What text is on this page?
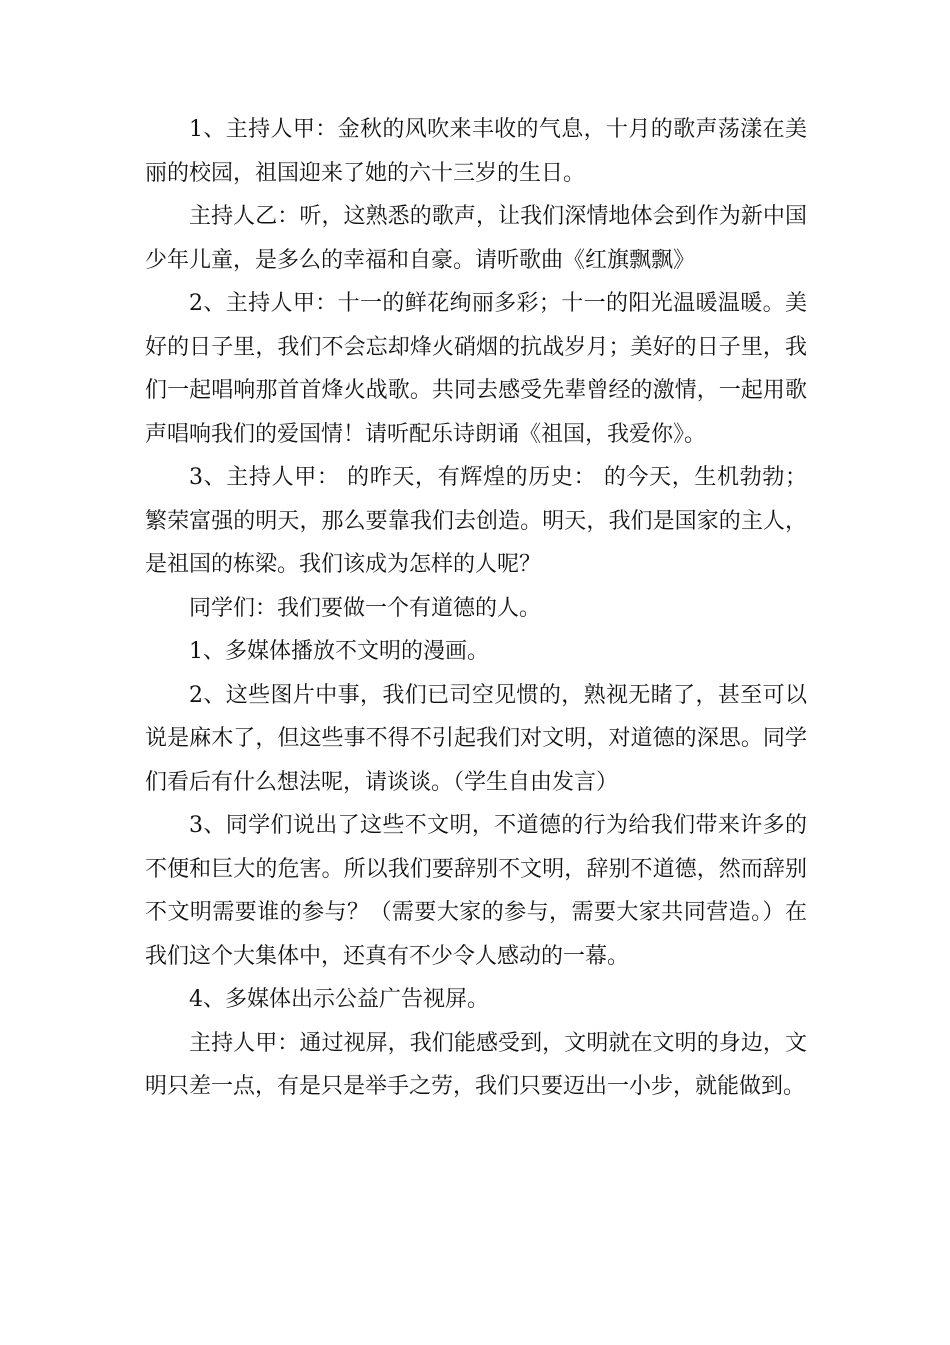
1、主持人甲：金秋的风吹来丰收的气息，十月的歌声荡漾在美丽的校园，祖国迎来了她的六十三岁的生日。

主持人乙：听，这熟悉的歌声，让我们深情地体会到作为新中国少年儿童，是多么的幸福和自豪。请听歌曲《红旗飘飘》

2、主持人甲：十一的鲜花绚丽多彩；十一的阳光温暖温暖。美好的日子里，我们不会忘却烽火硝烟的抗战岁月；美好的日子里，我们一起唱响那首首烽火战歌。共同去感受先辈曾经的激情，一起用歌声唱响我们的爱国情！请听配乐诗朗诵《祖国，我爱你》。

3、主持人甲： 的昨天，有辉煌的历史： 的今天，生机勃勃；繁荣富强的明天，那么要靠我们去创造。明天，我们是国家的主人，是祖国的栋梁。我们该成为怎样的人呢？

同学们：我们要做一个有道德的人。

1、多媒体播放不文明的漫画。

2、这些图片中事，我们已司空见惯的，熟视无睹了，甚至可以说是麻木了，但这些事不得不引起我们对文明，对道德的深思。同学们看后有什么想法呢，请谈谈。（学生自由发言）

3、同学们说出了这些不文明，不道德的行为给我们带来许多的不便和巨大的危害。所以我们要辞别不文明，辞别不道德，然而辞别不文明需要谁的参与？（需要大家的参与，需要大家共同营造。）在我们这个大集体中，还真有不少令人感动的一幕。

4、多媒体出示公益广告视屏。

主持人甲：通过视屏，我们能感受到，文明就在文明的身边，文明只差一点，有是只是举手之劳，我们只要迈出一小步，就能做到。
